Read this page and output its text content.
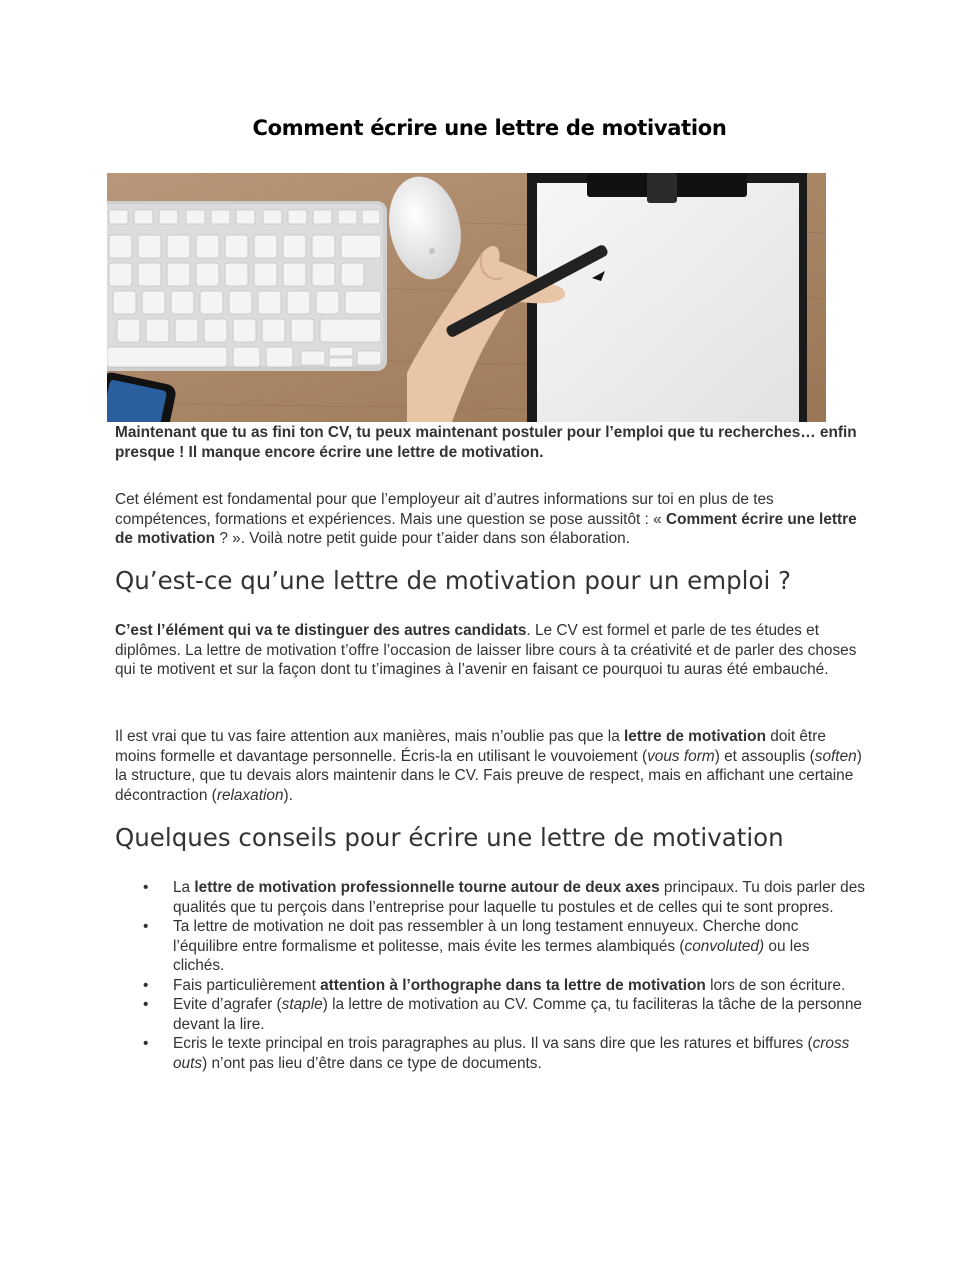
Comment écrire une lettre de motivation

Maintenant que tu as fini ton CV, tu peux maintenant postuler pour l’emploi que tu recherches… enfin presque ! Il manque encore écrire une lettre de motivation.

Cet élément est fondamental pour que l’employeur ait d’autres informations sur toi en plus de tes compétences, formations et expériences. Mais une question se pose aussitôt : « Comment écrire une lettre de motivation ? ». Voilà notre petit guide pour t’aider dans son élaboration.

Qu’est-ce qu’une lettre de motivation pour un emploi ?

C’est l’élément qui va te distinguer des autres candidats. Le CV est formel et parle de tes études et diplômes. La lettre de motivation t’offre l’occasion de laisser libre cours à ta créativité et de parler des choses qui te motivent et sur la façon dont tu t’imagines à l’avenir en faisant ce pourquoi tu auras été embauché.

Il est vrai que tu vas faire attention aux manières, mais n’oublie pas que la lettre de motivation doit être moins formelle et davantage personnelle. Écris-la en utilisant le vouvoiement (vous form) et assouplis (soften) la structure, que tu devais alors maintenir dans le CV. Fais preuve de respect, mais en affichant une certaine décontraction (relaxation).

Quelques conseils pour écrire une lettre de motivation
• La lettre de motivation professionnelle tourne autour de deux axes principaux. Tu dois parler des qualités que tu perçois dans l’entreprise pour laquelle tu postules et de celles qui te sont propres.
• Ta lettre de motivation ne doit pas ressembler à un long testament ennuyeux. Cherche donc l’équilibre entre formalisme et politesse, mais évite les termes alambiqués (convoluted) ou les clichés.
• Fais particulièrement attention à l’orthographe dans ta lettre de motivation lors de son écriture.
• Evite d’agrafer (staple) la lettre de motivation au CV. Comme ça, tu faciliteras la tâche de la personne devant la lire.
• Ecris le texte principal en trois paragraphes au plus. Il va sans dire que les ratures et biffures (cross outs) n’ont pas lieu d’être dans ce type de documents.
